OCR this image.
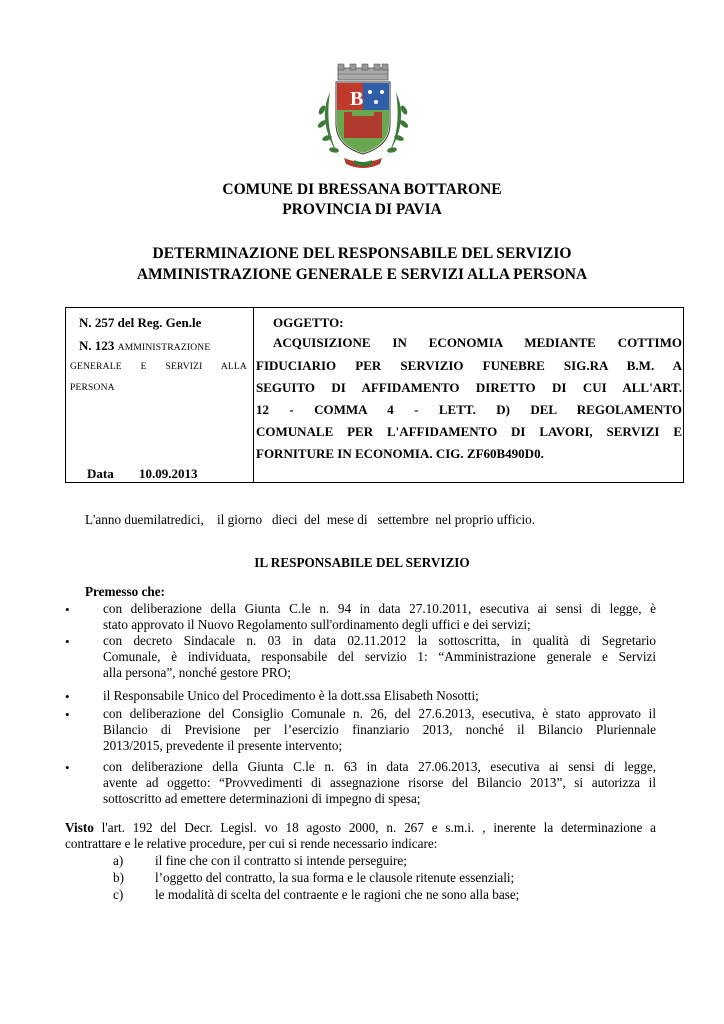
B
COMUNE DI BRESSANA BOTTARONE
PROVINCIA DI PAVIA
DETERMINAZIONE DEL RESPONSABILE DEL SERVIZIO
AMMINISTRAZIONE GENERALE E SERVIZI ALLA PERSONA
N. 257 del Reg. Gen.le
N. 123 AMMINISTRAZIONE
GENERALE E SERVIZI ALLA
PERSONA
Data 10.09.2013
OGGETTO:
ACQUISIZIONE IN ECONOMIA MEDIANTE COTTIMO
FIDUCIARIO PER SERVIZIO FUNEBRE SIG.RA B.M. A
SEGUITO DI AFFIDAMENTO DIRETTO DI CUI ALL'ART.
12 - COMMA 4 - LETT. D) DEL REGOLAMENTO
COMUNALE PER L'AFFIDAMENTO DI LAVORI, SERVIZI E
FORNITURE IN ECONOMIA. CIG. ZF60B490D0.
L'anno duemilatredici,    il giorno   dieci  del  mese di   settembre  nel proprio ufficio.
IL RESPONSABILE DEL SERVIZIO
Premesso che:
•	con deliberazione della Giunta C.le n. 94 in data 27.10.2011, esecutiva ai sensi di legge, è
stato approvato il Nuovo Regolamento sull'ordinamento degli uffici e dei servizi;
•	con decreto Sindacale n. 03 in data 02.11.2012 la sottoscritta, in qualità di Segretario
Comunale, è individuata, responsabile del servizio 1: “Amministrazione generale e Servizi
alla persona”, nonché gestore PRO;
•	il Responsabile Unico del Procedimento è la dott.ssa Elisabeth Nosotti;
•	con deliberazione del Consiglio Comunale n. 26, del 27.6.2013, esecutiva, è stato approvato il
Bilancio di Previsione per l’esercizio finanziario 2013, nonché il Bilancio Pluriennale
2013/2015, prevedente il presente intervento;
•	con deliberazione della Giunta C.le n. 63 in data 27.06.2013, esecutiva ai sensi di legge,
avente ad oggetto: “Provvedimenti di assegnazione risorse del Bilancio 2013”, si autorizza il
sottoscritto ad emettere determinazioni di impegno di spesa;
Visto l'art. 192 del Decr. Legisl. vo 18 agosto 2000, n. 267 e s.m.i. , inerente la determinazione a
contrattare e le relative procedure, per cui si rende necessario indicare:
a) il fine che con il contratto si intende perseguire;
b) l’oggetto del contratto, la sua forma e le clausole ritenute essenziali;
c) le modalità di scelta del contraente e le ragioni che ne sono alla base;
